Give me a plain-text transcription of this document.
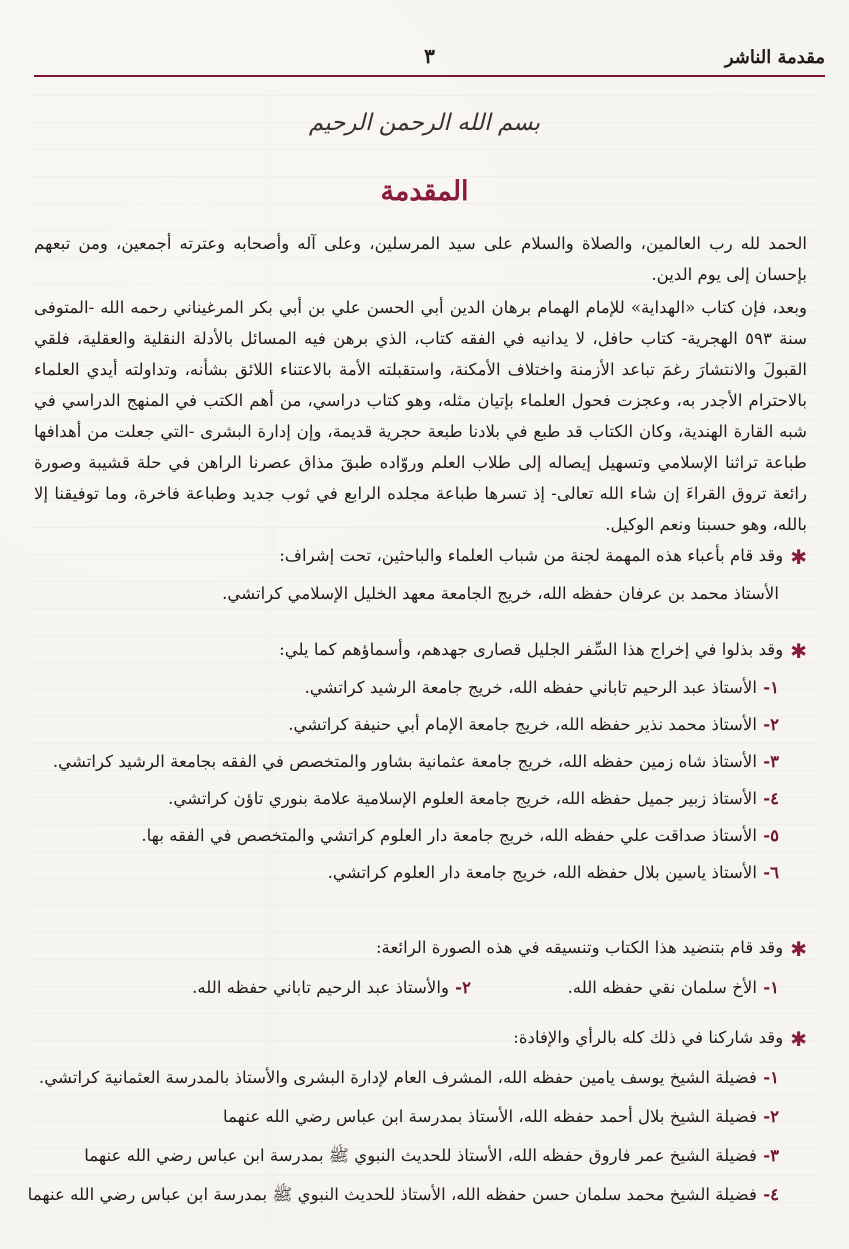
مقدمة الناشر
٣
بسم الله الرحمن الرحيم
المقدمة

الحمد لله رب العالمين، والصلاة والسلام على سيد المرسلين، وعلى آله وأصحابه وعترته أجمعين، ومن تبعهم بإحسان إلى يوم الدين.

وبعد، فإن كتاب «الهداية» للإمام الهمام برهان الدين أبي الحسن علي بن أبي بكر المرغيناني رحمه الله -المتوفى سنة ٥٩٣ الهجرية- كتاب حافل، لا يدانيه في الفقه كتاب، الذي برهن فيه المسائل بالأدلة النقلية والعقلية، فلقي القبولَ والانتشارَ رغمَ تباعد الأزمنة واختلاف الأمكنة، واستقبلته الأمة بالاعتناء اللائق بشأنه، وتداولته أيدي العلماء بالاحترام الأجدر به، وعجزت فحول العلماء بإتيان مثله، وهو كتاب دراسي، من أهم الكتب في المنهج الدراسي في شبه القارة الهندية، وكان الكتاب قد طبع في بلادنا طبعة حجرية قديمة، وإن إدارة البشرى -التي جعلت من أهدافها طباعة تراثنا الإسلامي وتسهيل إيصاله إلى طلاب العلم وروّاده طبقَ مذاق عصرنا الراهن في حلة قشيبة وصورة رائعة تروق القراءَ إن شاء الله تعالى- إذ تسرها طباعة مجلده الرابع في ثوب جديد وطباعة فاخرة، وما توفيقنا إلا بالله، وهو حسبنا ونعم الوكيل.

✱

وقد قام بأعباء هذه المهمة لجنة من شباب العلماء والباحثين، تحت إشراف:

الأستاذ محمد بن عرفان حفظه الله، خريج الجامعة معهد الخليل الإسلامي كراتشي.

✱

وقد بذلوا في إخراج هذا السِّفر الجليل قصارى جهدهم، وأسماؤهم كما يلي:

١-الأستاذ عبد الرحيم تاباني حفظه الله، خريج جامعة الرشيد كراتشي.
٢-الأستاذ محمد نذير حفظه الله، خريج جامعة الإمام أبي حنيفة كراتشي.
٣-الأستاذ شاه زمين حفظه الله، خريج جامعة عثمانية بشاور والمتخصص في الفقه بجامعة الرشيد كراتشي.
٤-الأستاذ زبير جميل حفظه الله، خريج جامعة العلوم الإسلامية علامة بنوري تاؤن كراتشي.
٥-الأستاذ صداقت علي حفظه الله، خريج جامعة دار العلوم كراتشي والمتخصص في الفقه بها.
٦-الأستاذ ياسين بلال حفظه الله، خريج جامعة دار العلوم كراتشي.
✱

وقد قام بتنضيد هذا الكتاب وتنسيقه في هذه الصورة الرائعة:

١-الأخ سلمان نقي حفظه الله.  ٢-والأستاذ عبد الرحيم تاباني حفظه الله.
✱

وقد شاركنا في ذلك كله بالرأي والإفادة:

١-فضيلة الشيخ يوسف يامين حفظه الله، المشرف العام لإدارة البشرى والأستاذ بالمدرسة العثمانية كراتشي.
٢-فضيلة الشيخ بلال أحمد حفظه الله، الأستاذ بمدرسة ابن عباس رضي الله عنهما
٣-فضيلة الشيخ عمر فاروق حفظه الله، الأستاذ للحديث النبوي ﷺ بمدرسة ابن عباس رضي الله عنهما
٤-فضيلة الشيخ محمد سلمان حسن حفظه الله، الأستاذ للحديث النبوي ﷺ بمدرسة ابن عباس رضي الله عنهما
